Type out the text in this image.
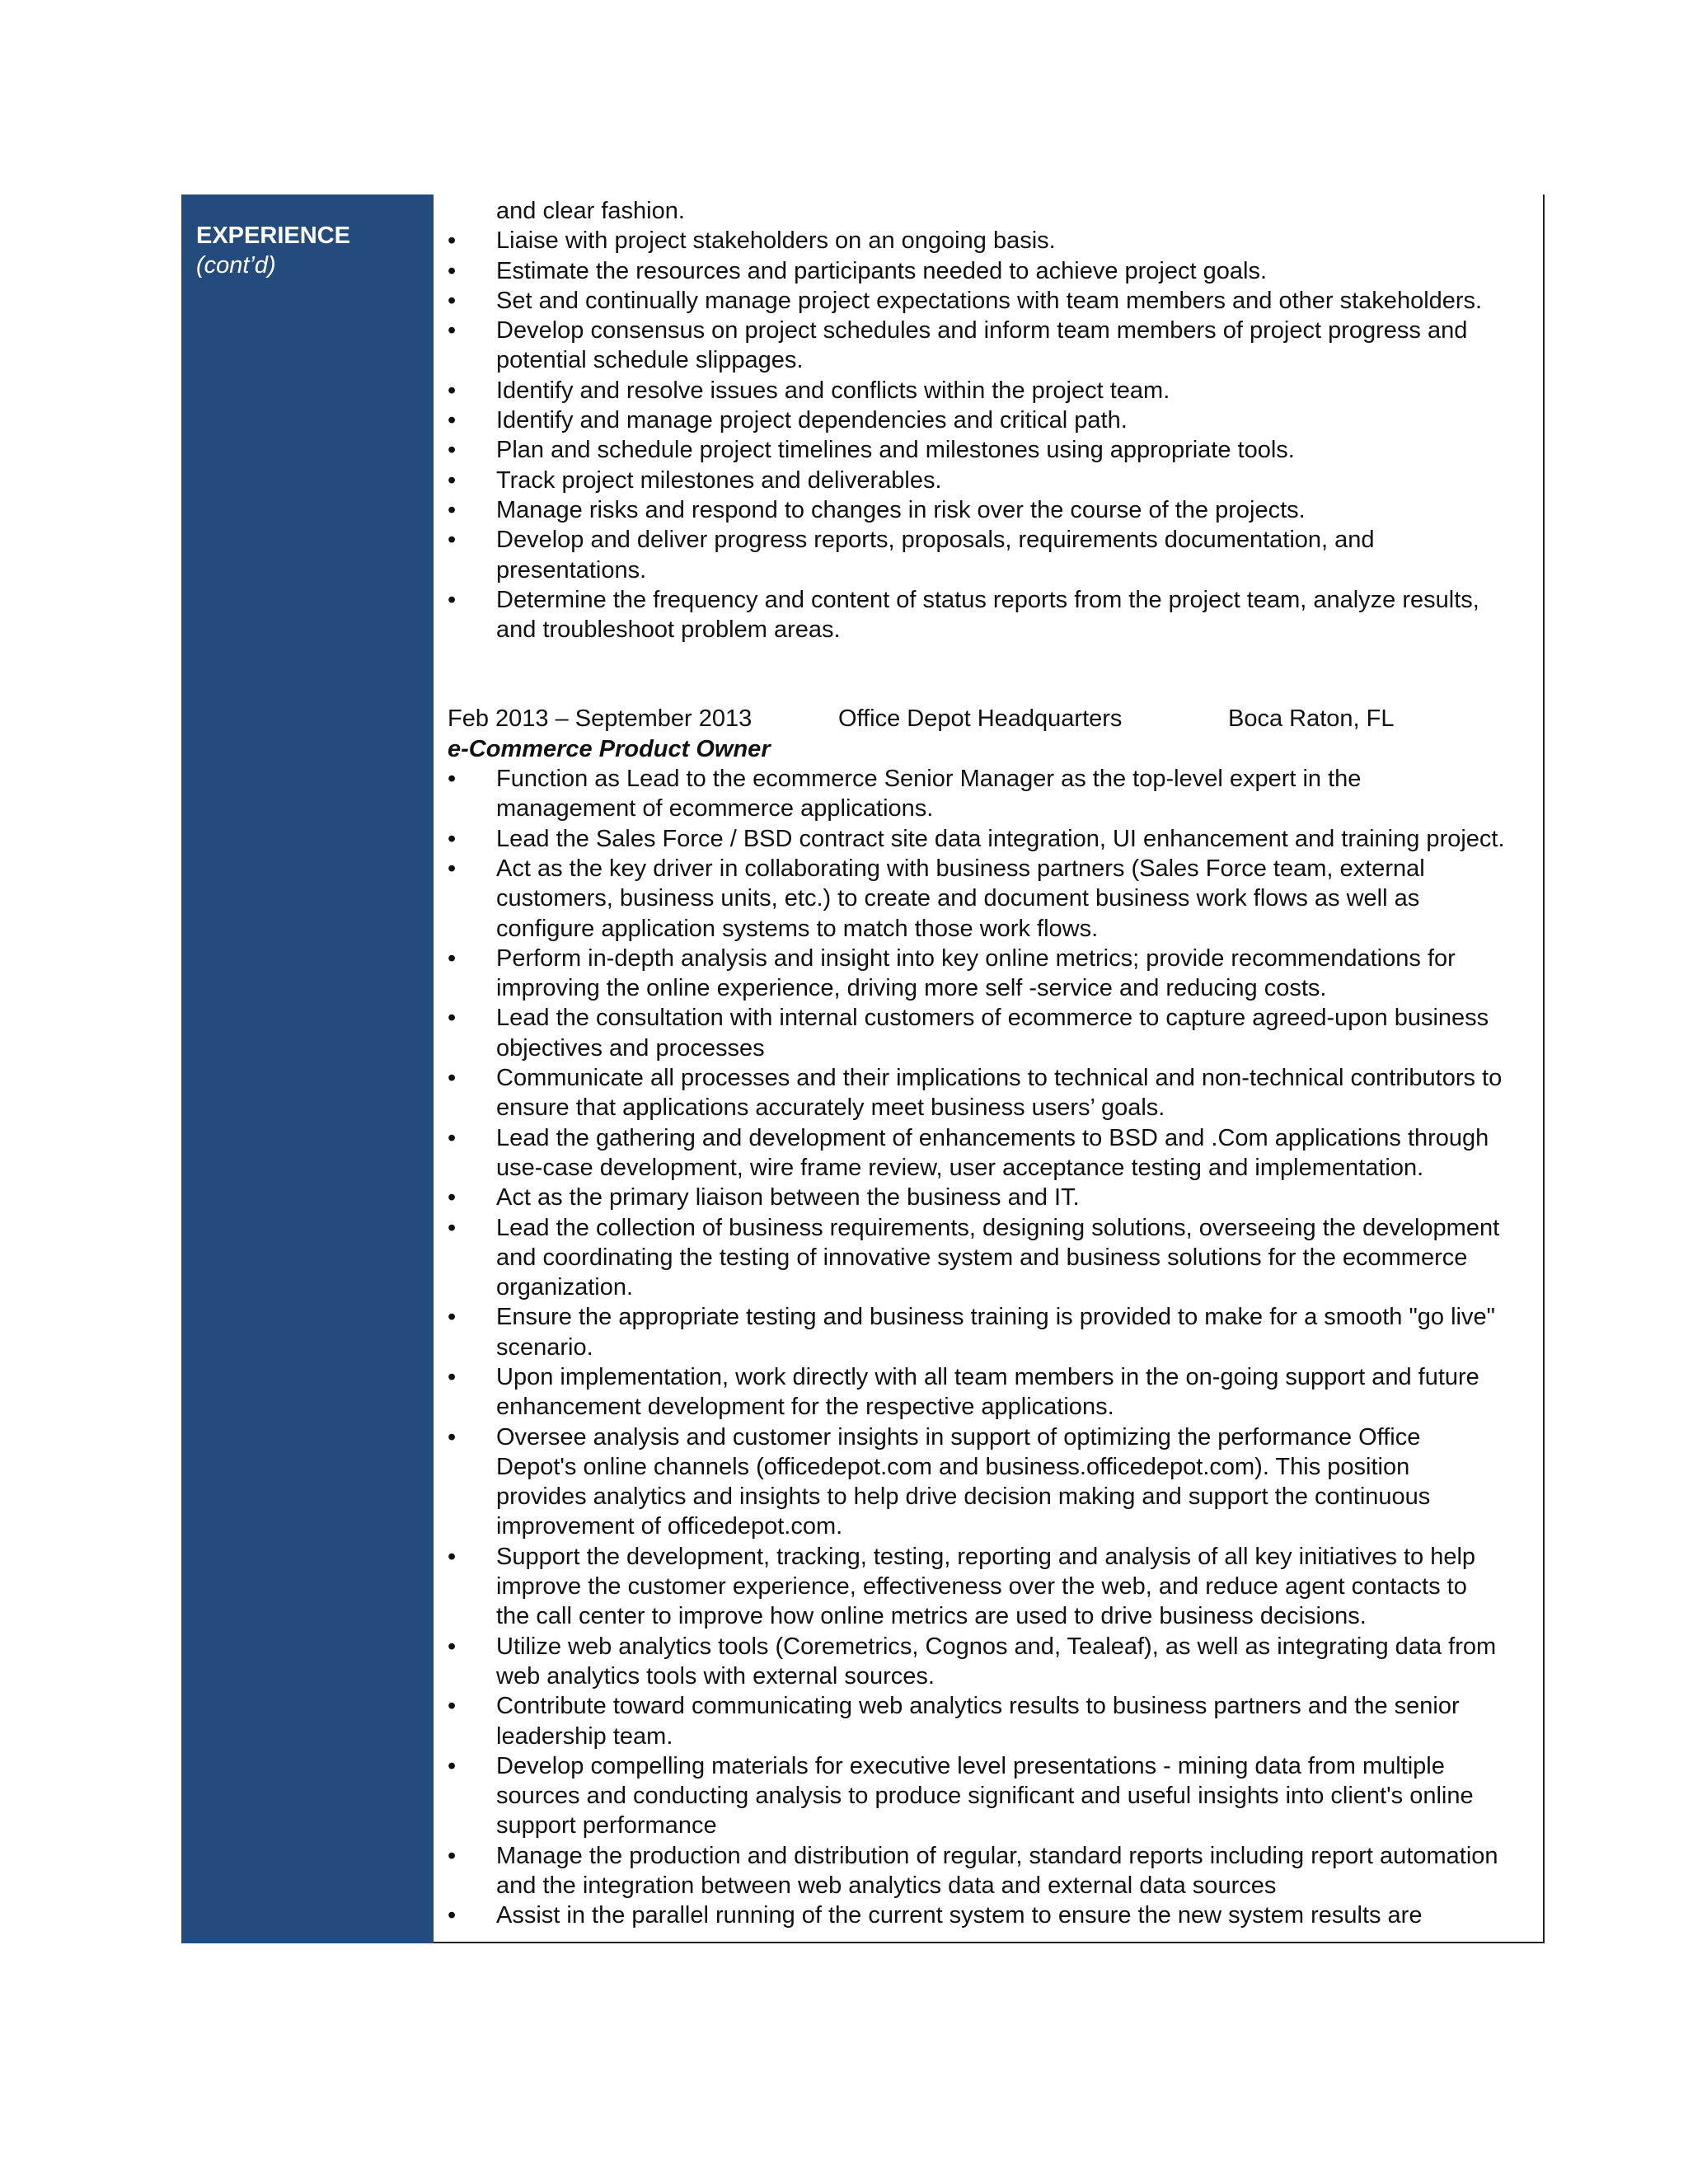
EXPERIENCE
(cont’d)
and clear fashion.
•	Liaise with project stakeholders on an ongoing basis.
•	Estimate the resources and participants needed to achieve project goals.
•	Set and continually manage project expectations with team members and other stakeholders.
•	Develop consensus on project schedules and inform team members of project progress and
potential schedule slippages.
•	Identify and resolve issues and conflicts within the project team.
•	Identify and manage project dependencies and critical path.
•	Plan and schedule project timelines and milestones using appropriate tools.
•	Track project milestones and deliverables.
•	Manage risks and respond to changes in risk over the course of the projects.
•	Develop and deliver progress reports, proposals, requirements documentation, and
presentations.
•	Determine the frequency and content of status reports from the project team, analyze results,
and troubleshoot problem areas.
Feb 2013 – September 2013	Office Depot Headquarters	Boca Raton, FL
e-Commerce Product Owner
•	Function as Lead to the ecommerce Senior Manager as the top-level expert in the
management of ecommerce applications.
•	Lead the Sales Force / BSD contract site data integration, UI enhancement and training project.
•	Act as the key driver in collaborating with business partners (Sales Force team, external
customers, business units, etc.) to create and document business work flows as well as
configure application systems to match those work flows.
•	Perform in-depth analysis and insight into key online metrics; provide recommendations for
improving the online experience, driving more self -service and reducing costs.
•	Lead the consultation with internal customers of ecommerce to capture agreed-upon business
objectives and processes
•	Communicate all processes and their implications to technical and non-technical contributors to
ensure that applications accurately meet business users’ goals.
•	Lead the gathering and development of enhancements to BSD and .Com applications through
use-case development, wire frame review, user acceptance testing and implementation.
•	Act as the primary liaison between the business and IT.
•	Lead the collection of business requirements, designing solutions, overseeing the development
and coordinating the testing of innovative system and business solutions for the ecommerce
organization.
•	Ensure the appropriate testing and business training is provided to make for a smooth "go live"
scenario.
•	Upon implementation, work directly with all team members in the on-going support and future
enhancement development for the respective applications.
•	Oversee analysis and customer insights in support of optimizing the performance Office
Depot's online channels (officedepot.com and business.officedepot.com). This position
provides analytics and insights to help drive decision making and support the continuous
improvement of officedepot.com.
•	Support the development, tracking, testing, reporting and analysis of all key initiatives to help
improve the customer experience, effectiveness over the web, and reduce agent contacts to
the call center to improve how online metrics are used to drive business decisions.
•	Utilize web analytics tools (Coremetrics, Cognos and, Tealeaf), as well as integrating data from
web analytics tools with external sources.
•	Contribute toward communicating web analytics results to business partners and the senior
leadership team.
•	Develop compelling materials for executive level presentations - mining data from multiple
sources and conducting analysis to produce significant and useful insights into client's online
support performance
•	Manage the production and distribution of regular, standard reports including report automation
and the integration between web analytics data and external data sources
•	Assist in the parallel running of the current system to ensure the new system results are
